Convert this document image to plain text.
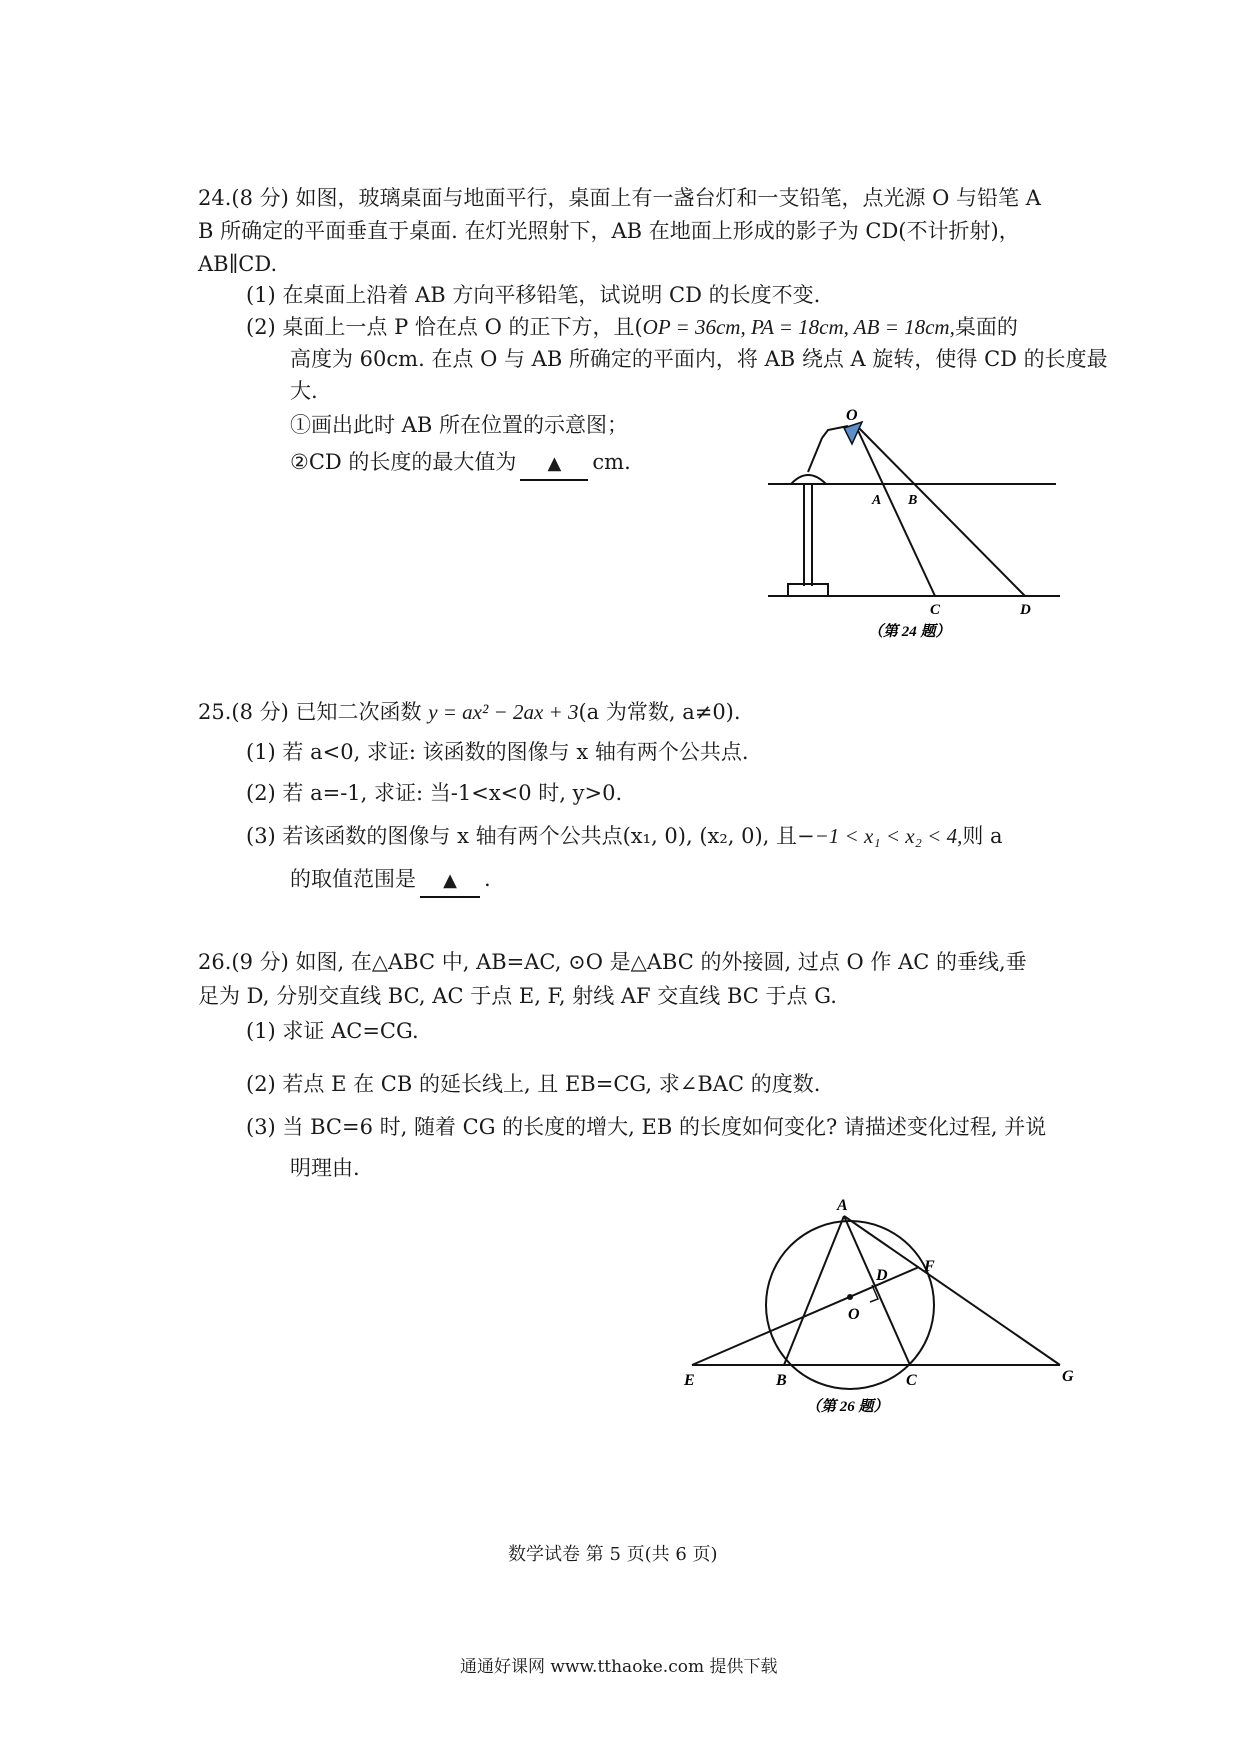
24.(8 分) 如图，玻璃桌面与地面平行，桌面上有一盏台灯和一支铅笔，点光源 O 与铅笔 A
B 所确定的平面垂直于桌面. 在灯光照射下，AB 在地面上形成的影子为 CD(不计折射)，
AB∥CD.
(1) 在桌面上沿着 AB 方向平移铅笔，试说明 CD 的长度不变.
(2) 桌面上一点 P 恰在点 O 的正下方，且(OP = 36cm, PA = 18cm, AB = 18cm,桌面的
高度为 60cm. 在点 O 与 AB 所确定的平面内，将 AB 绕点 A 旋转，使得 CD 的长度最
大.
①画出此时 AB 所在位置的示意图；
②CD 的长度的最大值为 ▲ cm.
O
A B
C	D
（第 24 题）
25.(8 分) 已知二次函数 y = ax² − 2ax + 3(a 为常数, a≠0).
(1) 若 a<0, 求证: 该函数的图像与 x 轴有两个公共点.
(2) 若 a=-1, 求证: 当-1<x<0 时, y>0.
(3) 若该函数的图像与 x 轴有两个公共点(x₁, 0), (x₂, 0), 且−−1 < x₁ < x₂ < 4,则 a
的取值范围是 ▲ .
26.(9 分) 如图, 在△ABC 中, AB=AC, ⊙O 是△ABC 的外接圆, 过点 O 作 AC 的垂线,垂
足为 D, 分别交直线 BC, AC 于点 E, F, 射线 AF 交直线 BC 于点 G.
(1) 求证 AC=CG.
(2) 若点 E 在 CB 的延长线上, 且 EB=CG, 求∠BAC 的度数.
(3) 当 BC=6 时, 随着 CG 的长度的增大, EB 的长度如何变化? 请描述变化过程, 并说
明理由.
A
D
F
O
E	B	C	G
（第 26 题）
数学试卷 第 5 页(共 6 页)
通通好课网 www.tthaoke.com 提供下载
